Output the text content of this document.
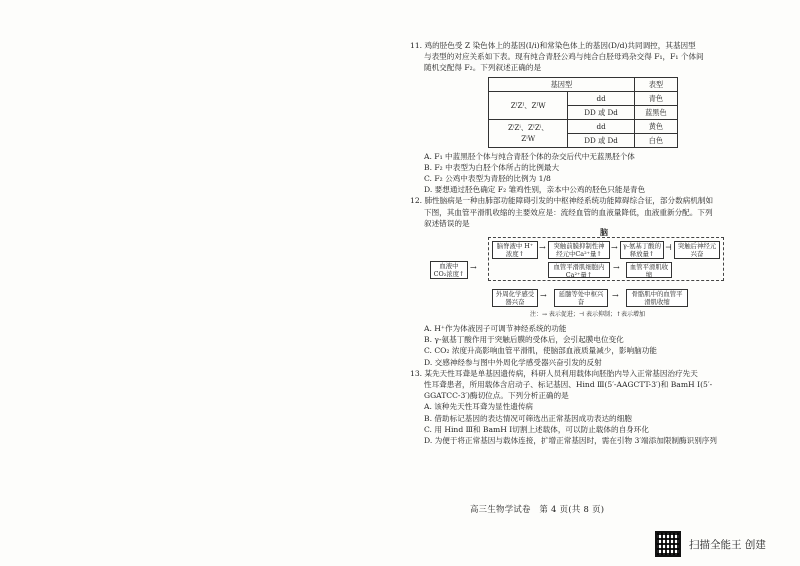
11. 鸡的胫色受 Z 染色体上的基因(I/i)和常染色体上的基因(D/d)共同调控，其基因型

与表型的对应关系如下表。现有纯合青胫公鸡与纯合白胫母鸡杂交得 F₁，F₁ 个体间

随机交配得 F₂。下列叙述正确的是

基因型		表型
ZᴵZᴵ、ZᴵW	dd	青色
	DD 或 Dd	蓝黑色
ZⁱZⁱ、ZᴵZⁱ、
ZⁱW	dd	黄色
	DD 或 Dd	白色

A. F₁ 中蓝黑胫个体与纯合青胫个体的杂交后代中无蓝黑胫个体

B. F₂ 中表型为白胫个体所占的比例最大

C. F₂ 公鸡中表型为青胫的比例为 1/8

D. 要想通过胫色确定 F₂ 雏鸡性别，亲本中公鸡的胫色只能是青色

12. 肺性脑病是一种由肺部功能障碍引发的中枢神经系统功能障碍综合征，部分数病机制如

下图，其血管平滑肌收缩的主要效应是：流经血管的血液量降低，血液重新分配。下列

叙述错误的是

脑
脑脊液中 H⁺浓度↑
突触前膜抑制性神经元中Ca²⁺量↑
γ-氨基丁酸的释放量↑
突触后神经元兴奋
血液中 CO₂浓度↑
血管平滑肌细胞内Ca²⁺量↑
血管平滑肌收缩
外周化学感受器兴奋
延髓等处中枢兴奋
骨骼肌中的血管平滑肌收缩
→
→	→	⊣
→
→	→
注：→ 表示促进；⊣ 表示抑制；↑表示增加

A. H⁺作为体液因子可调节神经系统的功能

B. γ-氨基丁酸作用于突触后膜的受体后，会引起膜电位变化

C. CO₂ 浓度升高影响血管平滑肌，使脑部血液质量减少，影响脑功能

D. 交感神经参与图中外周化学感受器兴奋引发的反射

13. 某先天性耳聋是单基因遗传病，科研人员利用载体向胚胎内导入正常基因治疗先天

性耳聋患者，所用载体含启动子、标记基因、Hind Ⅲ(5′-AAGCTT-3′)和 BamH Ⅰ(5′-

GGATCC-3′)酶切位点。下列分析正确的是

A. 该种先天性耳聋为显性遗传病

B. 借助标记基因的表达情况可筛选出正常基因成功表达的细胞

C. 用 Hind Ⅲ和 BamH Ⅰ切割上述载体，可以防止载体的自身环化

D. 为便于将正常基因与载体连接，扩增正常基因时，需在引物 3′端添加限制酶识别序列

高三生物学试卷　第 4 页(共 8 页)
扫描全能王 创建
